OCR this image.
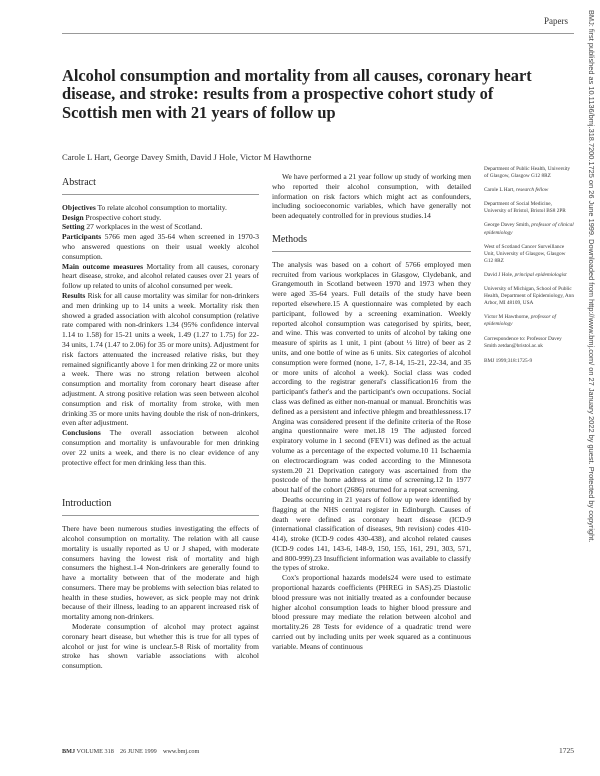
Papers
Alcohol consumption and mortality from all causes, coronary heart disease, and stroke: results from a prospective cohort study of Scottish men with 21 years of follow up
Carole L Hart, George Davey Smith, David J Hole, Victor M Hawthorne
Abstract

Objectives To relate alcohol consumption to mortality.

Design Prospective cohort study.

Setting 27 workplaces in the west of Scotland.

Participants 5766 men aged 35-64 when screened in 1970-3 who answered questions on their usual weekly alcohol consumption.

Main outcome measures Mortality from all causes, coronary heart disease, stroke, and alcohol related causes over 21 years of follow up related to units of alcohol consumed per week.

Results Risk for all cause mortality was similar for non-drinkers and men drinking up to 14 units a week. Mortality risk then showed a graded association with alcohol consumption (relative rate compared with non-drinkers 1.34 (95% confidence interval 1.14 to 1.58) for 15-21 units a week, 1.49 (1.27 to 1.75) for 22-34 units, 1.74 (1.47 to 2.06) for 35 or more units). Adjustment for risk factors attenuated the increased relative risks, but they remained significantly above 1 for men drinking 22 or more units a week. There was no strong relation between alcohol consumption and mortality from coronary heart disease after adjustment. A strong positive relation was seen between alcohol consumption and risk of mortality from stroke, with men drinking 35 or more units having double the risk of non-drinkers, even after adjustment.

Conclusions The overall association between alcohol consumption and mortality is unfavourable for men drinking over 22 units a week, and there is no clear evidence of any protective effect for men drinking less than this.

Introduction

There have been numerous studies investigating the effects of alcohol consumption on mortality. The relation with all cause mortality is usually reported as U or J shaped, with moderate consumers having the lowest risk of mortality and high consumers the highest.1-4 Non-drinkers are generally found to have a mortality between that of the moderate and high consumers. There may be problems with selection bias related to health in these studies, however, as sick people may not drink because of their illness, leading to an apparent increased risk of mortality among non-drinkers.

Moderate consumption of alcohol may protect against coronary heart disease, but whether this is true for all types of alcohol or just for wine is unclear.5-8 Risk of mortality from stroke has shown variable associations with alcohol consumption.

We have performed a 21 year follow up study of working men who reported their alcohol consumption, with detailed information on risk factors which might act as confounders, including socioeconomic variables, which have generally not been adequately controlled for in previous studies.14

Methods

The analysis was based on a cohort of 5766 employed men recruited from various workplaces in Glasgow, Clydebank, and Grangemouth in Scotland between 1970 and 1973 when they were aged 35-64 years. Full details of the study have been reported elsewhere.15 A questionnaire was completed by each participant, followed by a screening examination. Weekly reported alcohol consumption was categorised by spirits, beer, and wine. This was converted to units of alcohol by taking one measure of spirits as 1 unit, 1 pint (about ½ litre) of beer as 2 units, and one bottle of wine as 6 units. Six categories of alcohol consumption were formed (none, 1-7, 8-14, 15-21, 22-34, and 35 or more units of alcohol a week). Social class was coded according to the registrar general's classification16 from the participant's father's and the participant's own occupations. Social class was defined as either non-manual or manual. Bronchitis was defined as a persistent and infective phlegm and breathlessness.17 Angina was considered present if the definite criteria of the Rose angina questionnaire were met.18 19 The adjusted forced expiratory volume in 1 second (FEV1) was defined as the actual volume as a percentage of the expected volume.10 11 Ischaemia on electrocardiogram was coded according to the Minnesota system.20 21 Deprivation category was ascertained from the postcode of the home address at time of screening.12 In 1977 about half of the cohort (2686) returned for a repeat screening.

Deaths occurring in 21 years of follow up were identified by flagging at the NHS central register in Edinburgh. Causes of death were defined as coronary heart disease (ICD-9 (international classification of diseases, 9th revision) codes 410-414), stroke (ICD-9 codes 430-438), and alcohol related causes (ICD-9 codes 141, 143-6, 148-9, 150, 155, 161, 291, 303, 571, and 800-999).23 Insufficient information was available to classify the types of stroke.

Cox's proportional hazards models24 were used to estimate proportional hazards coefficients (PHREG in SAS).25 Diastolic blood pressure was not initially treated as a confounder because higher alcohol consumption leads to higher blood pressure and blood pressure may mediate the relation between alcohol and mortality.26 28 Tests for evidence of a quadratic trend were carried out by including units per week squared as a continuous variable. Means of continuous

Department of Public Health, University of Glasgow, Glasgow G12 8RZ
Carole L Hart, research fellow
Department of Social Medicine, University of Bristol, Bristol BS8 2PR
George Davey Smith, professor of clinical epidemiology
West of Scotland Cancer Surveillance Unit, University of Glasgow, Glasgow G12 8RZ
David J Hole, principal epidemiologist
University of Michigan, School of Public Health, Department of Epidemiology, Ann Arbor, MI 48109, USA
Victor M Hawthorne, professor of epidemiology
Correspondence to: Professor Davey Smith zetdan@bristol.ac.uk
BMJ 1999;318:1725-9	BMJ: first published as 10.1136/bmj.318.7200.1725 on 26 June 1999. Downloaded from http://www.bmj.com/ on 27 January 2022 by guest. Protected by copyright.
BMJ VOLUME 318    26 JUNE 1999    www.bmj.com	1725
